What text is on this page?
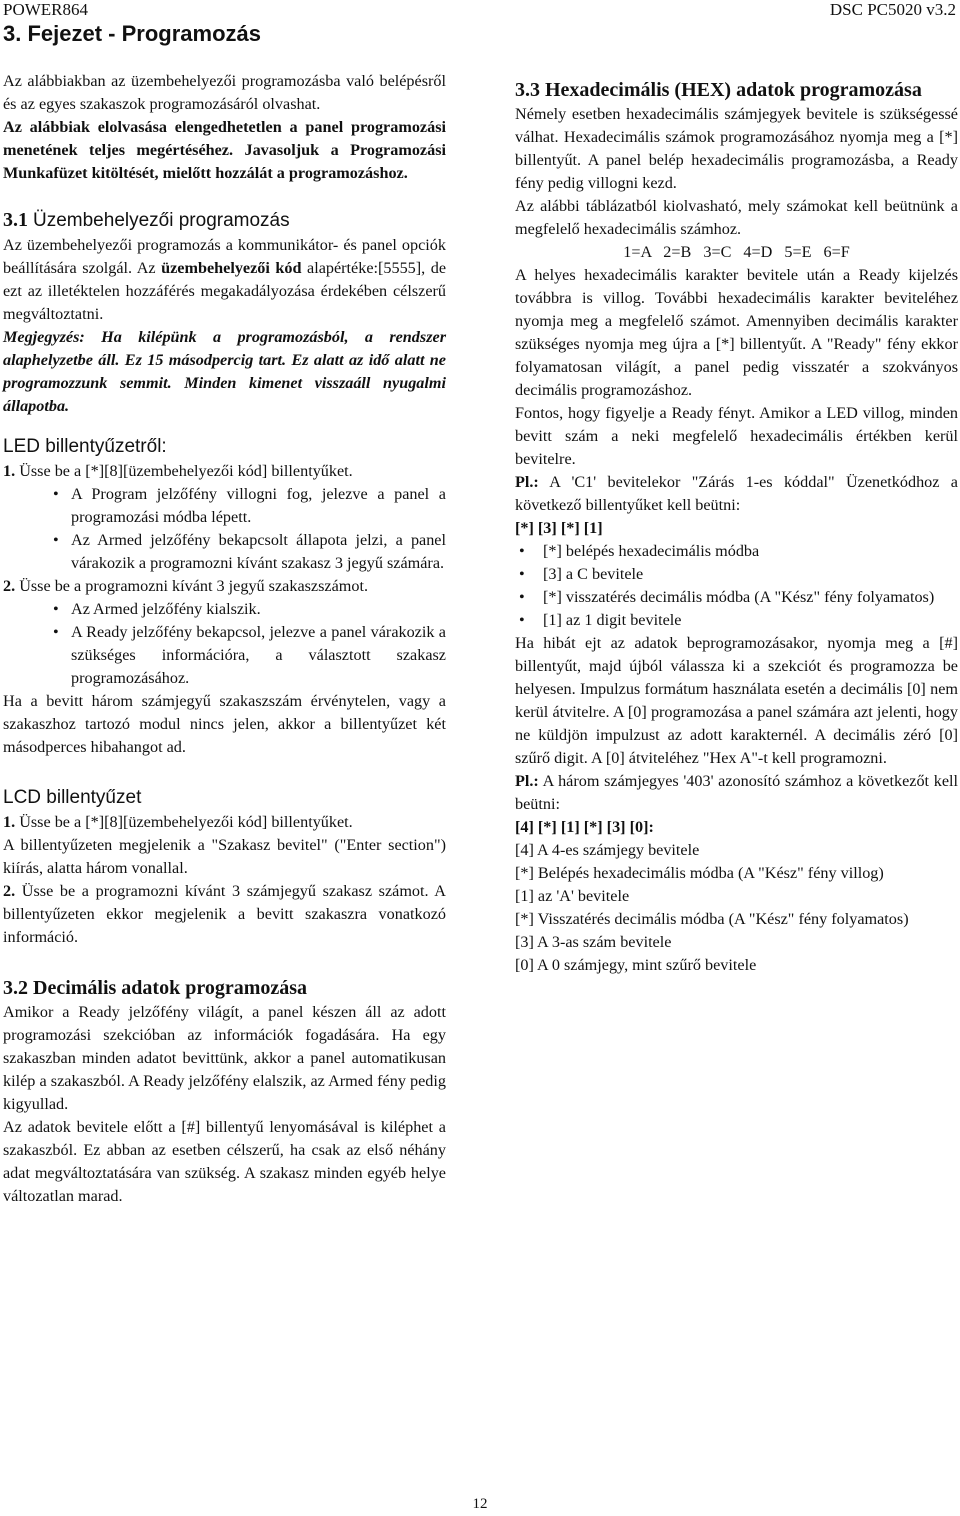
POWER864	DSC PC5020 v3.2
3. Fejezet - Programozás

Az alábbiakban az üzembehelyezői programozásba való belépésről és az egyes szakaszok programozásáról olvashat.

Az alábbiak elolvasása elengedhetetlen a panel programozási menetének teljes megértéséhez. Javasoljuk a Programozási Munkafüzet kitöltését, mielőtt hozzálát a programozáshoz.

3.1 Üzembehelyezői programozás

Az üzembehelyezői programozás a kommunikátor- és panel opciók beállítására szolgál. Az üzembehelyezői kód alapértéke:[5555], de ezt az illetéktelen hozzáférés megakadályozása érdekében célszerű megváltoztatni.

Megjegyzés: Ha kilépünk a programozásból, a rendszer alaphelyzetbe áll. Ez 15 másodpercig tart. Ez alatt az idő alatt ne programozzunk semmit. Minden kimenet visszaáll nyugalmi állapotba.

LED billentyűzetről:

1. Üsse be a [*][8][üzembehelyezői kód] billentyűket.

• A Program jelzőfény villogni fog, jelezve a panel a programozási módba lépett.
• Az Armed jelzőfény bekapcsolt állapota jelzi, a panel várakozik a programozni kívánt szakasz 3 jegyű számára.

2. Üsse be a programozni kívánt 3 jegyű szakaszszámot.

• Az Armed jelzőfény kialszik.
• A Ready jelzőfény bekapcsol, jelezve a panel várakozik a szükséges információra, a választott szakasz programozásához.

Ha a bevitt három számjegyű szakaszszám érvénytelen, vagy a szakaszhoz tartozó modul nincs jelen, akkor a billentyűzet két másodperces hibahangot ad.

LCD billentyűzet

1. Üsse be a [*][8][üzembehelyezői kód] billentyűket.

A billentyűzeten megjelenik a "Szakasz bevitel" ("Enter section") kiírás, alatta három vonallal.

2. Üsse be a programozni kívánt 3 számjegyű szakasz számot. A billentyűzeten ekkor megjelenik a bevitt szakaszra vonatkozó információ.

3.2 Decimális adatok programozása

Amikor a Ready jelzőfény világít, a panel készen áll az adott programozási szekcióban az információk fogadására. Ha egy szakaszban minden adatot bevittünk, akkor a panel automatikusan kilép a szakaszból. A Ready jelzőfény elalszik, az Armed fény pedig kigyullad.

Az adatok bevitele előtt a [#] billentyű lenyomásával is kiléphet a szakaszból. Ez abban az esetben célszerű, ha csak az első néhány adat megváltoztatására van szükség. A szakasz minden egyéb helye változatlan marad.

3.3 Hexadecimális (HEX) adatok programozása

Némely esetben hexadecimális számjegyek bevitele is szükségessé válhat. Hexadecimális számok programozásához nyomja meg a [*] billentyűt. A panel belép hexadecimális programozásba, a Ready fény pedig villogni kezd.

Az alábbi táblázatból kiolvasható, mely számokat kell beütnünk a megfelelő hexadecimális számhoz.

1=A 2=B 3=C 4=D 5=E 6=F

A helyes hexadecimális karakter bevitele után a Ready kijelzés továbbra is villog. További hexadecimális karakter beviteléhez nyomja meg a megfelelő számot. Amennyiben decimális karakter szükséges nyomja meg újra a [*] billentyűt. A "Ready" fény ekkor folyamatosan világít, a panel pedig visszatér a szokványos decimális programozáshoz.

Fontos, hogy figyelje a Ready fényt. Amikor a LED villog, minden bevitt szám a neki megfelelő hexadecimális értékben kerül bevitelre.

Pl.: A 'C1' bevitelekor "Zárás 1-es kóddal" Üzenetkódhoz a következő billentyűket kell beütni:

[*] [3] [*] [1]

• [*] belépés hexadecimális módba
• [3] a C bevitele
• [*] visszatérés decimális módba (A "Kész" fény folyamatos)
• [1] az 1 digit bevitele

Ha hibát ejt az adatok beprogramozásakor, nyomja meg a [#] billentyűt, majd újból válassza ki a szekciót és programozza be helyesen. Impulzus formátum használata esetén a decimális [0] nem kerül átvitelre. A [0] programozása a panel számára azt jelenti, hogy ne küldjön impulzust az adott karakternél. A decimális zéró [0] szűrő digit. A [0] átviteléhez "Hex A"-t kell programozni.

Pl.: A három számjegyes '403' azonosító számhoz a következőt kell beütni:

[4] [*] [1] [*] [3] [0]:

[4] A 4-es számjegy bevitele

[*] Belépés hexadecimális módba (A "Kész" fény villog)

[1] az 'A' bevitele

[*] Visszatérés decimális módba (A "Kész" fény folyamatos)

[3] A 3-as szám bevitele

[0] A 0 számjegy, mint szűrő bevitele

12
